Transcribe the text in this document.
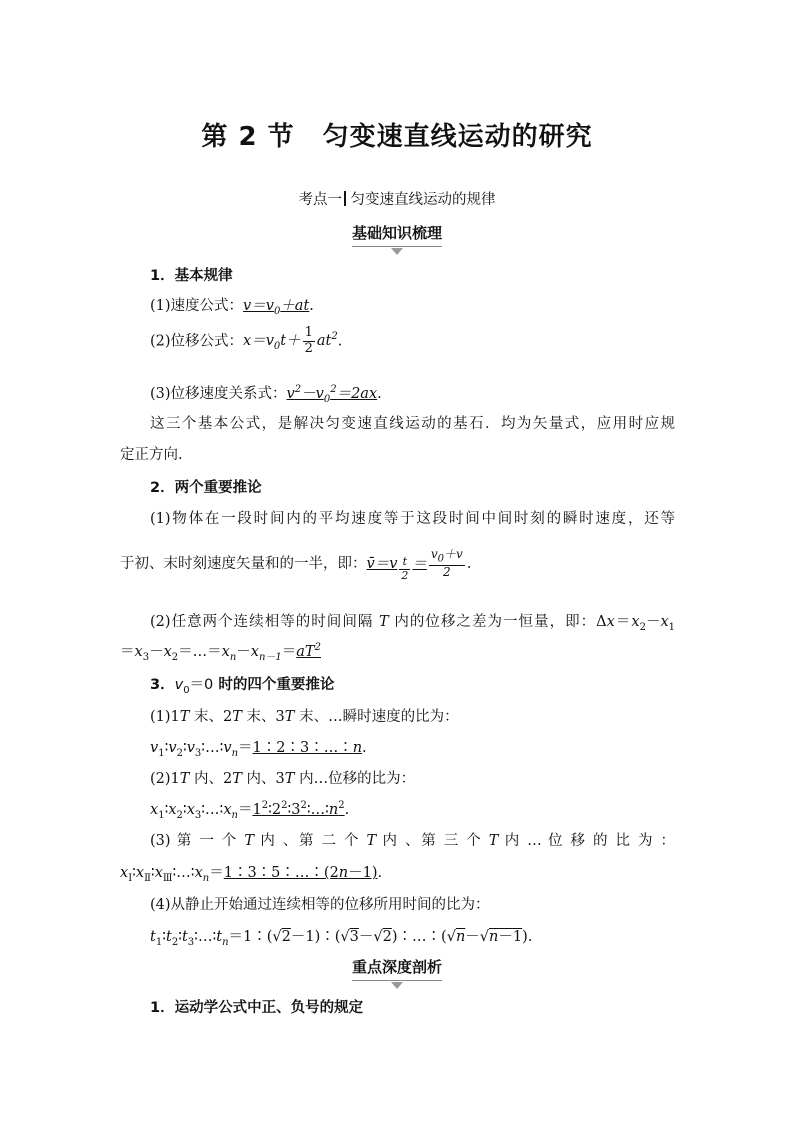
第 2 节 匀变速直线运动的研究
考点一 匀变速直线运动的规律
基础知识梳理
1．基本规律
(1)速度公式：$v=v_0+at$.
(2)位移公式：$x=v_0t+ \frac{1}{2} at^2$.
(3)位移速度关系式：$v^2-v_0^2=2ax$.
这三个基本公式，是解决匀变速直线运动的基石．均为矢量式，应用时应规
定正方向.
2．两个重要推论
(1)物体在一段时间内的平均速度等于这段时间中间时刻的瞬时速度，还等
于初、末时刻速度矢量和的一半，即：v̄＝v $_{\frac{t}{2}} = \frac{v_0+v}{2}$ .
(2)任意两个连续相等的时间间隔 T 内的位移之差为一恒量，即：$\Delta x=x_2-x_1$
$=x_3-x_2=\dots=x_n-x_{n-1}=aT^2$
3．$v_0=0$ 时的四个重要推论
(1)1T 末、2T 末、3T 末、…瞬时速度的比为：
$v_1∶v_2∶v_3∶\dots∶v_n=1∶2∶3∶\dots∶n$.
(2)1T 内、2T 内、3T 内…位移的比为：
$x_1∶x_2∶x_3∶\dots∶x_n=1^2∶2^2∶3^2∶\dots∶n^2$.
(3) 第 一 个 T 内 、第 二 个 T 内 、第 三 个 T 内 … 位 移 的 比 为 ：
$x_Ⅰ∶x_Ⅱ∶x_Ⅲ∶\dots∶x_n=1∶3∶5∶\dots∶(2n-1)$.
(4)从静止开始通过连续相等的位移所用时间的比为：
$t_1∶t_2∶t_3∶\dots∶t_n=1∶(√2-1)∶(√3-√2)∶\dots∶(√n-√n-1)$.
重点深度剖析
1．运动学公式中正、负号的规定
